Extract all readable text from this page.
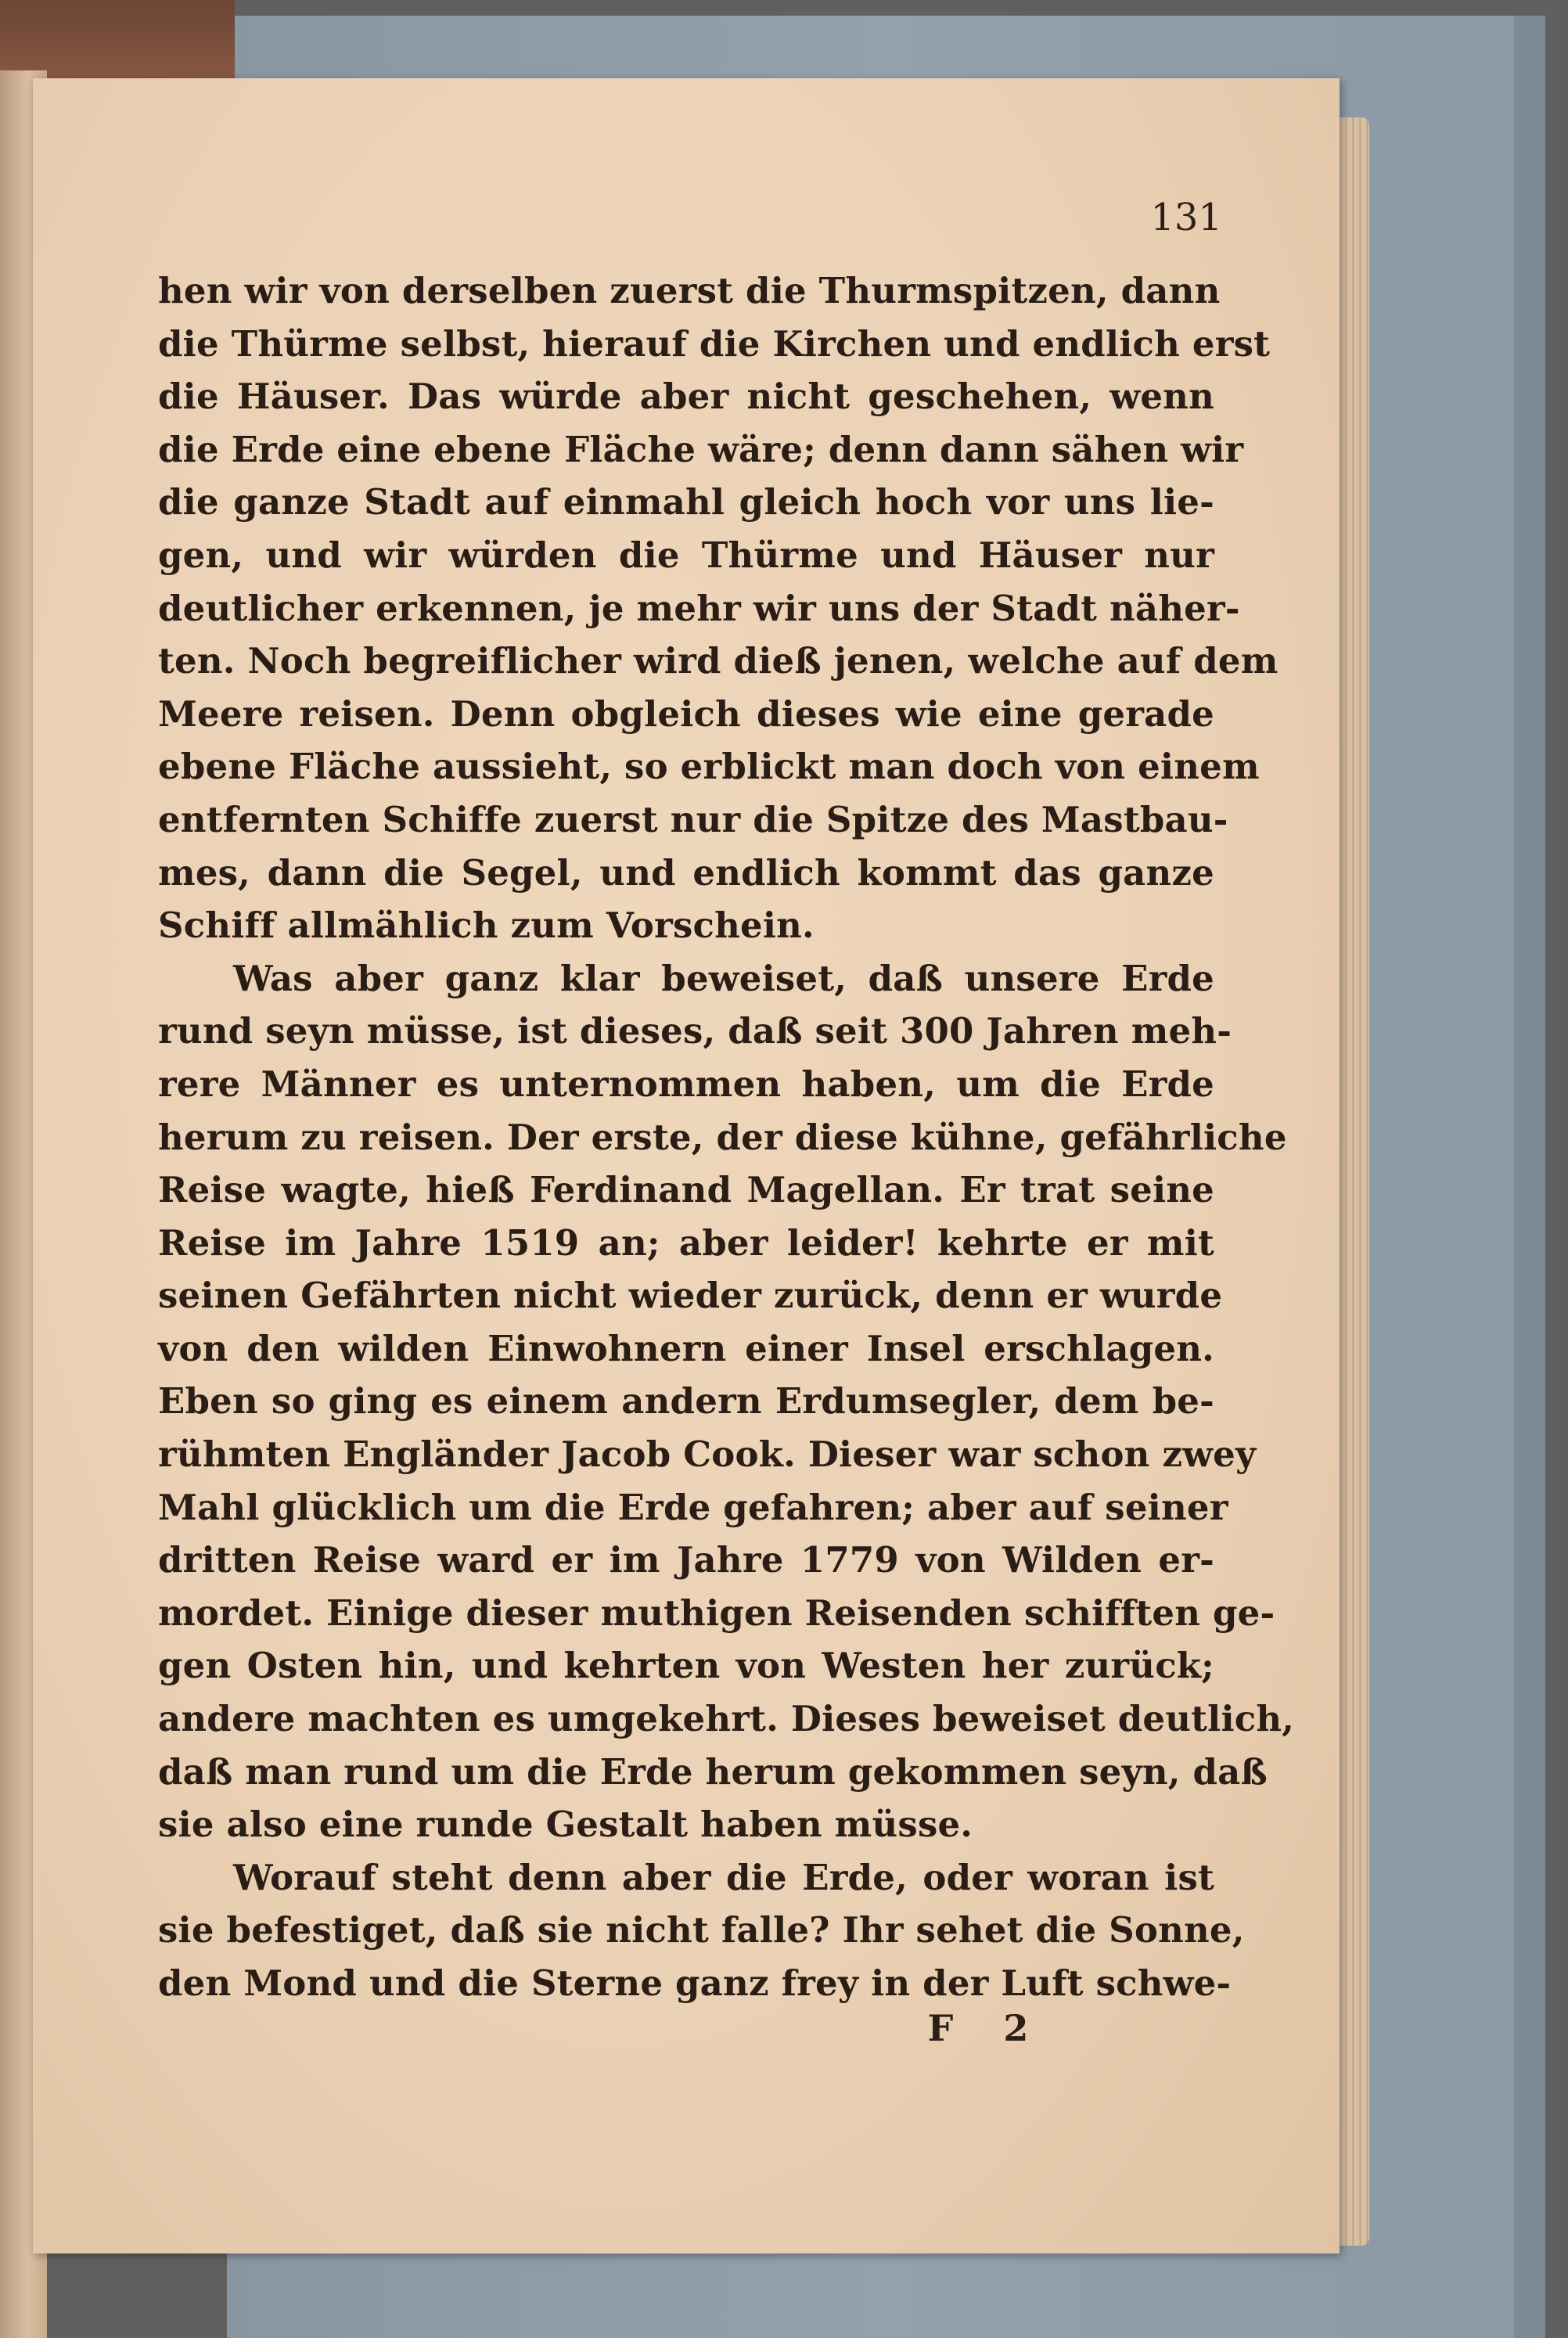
131

hen wir von derselben zuerst die Thurmspitzen, dann

die Thürme selbst, hierauf die Kirchen und endlich erst

die Häuser. Das würde aber nicht geschehen, wenn

die Erde eine ebene Fläche wäre; denn dann sähen wir

die ganze Stadt auf einmahl gleich hoch vor uns lie-

gen, und wir würden die Thürme und Häuser nur

deutlicher erkennen, je mehr wir uns der Stadt näher-

ten. Noch begreiflicher wird dieß jenen, welche auf dem

Meere reisen. Denn obgleich dieses wie eine gerade

ebene Fläche aussieht, so erblickt man doch von einem

entfernten Schiffe zuerst nur die Spitze des Mastbau-

mes, dann die Segel, und endlich kommt das ganze

Schiff allmählich zum Vorschein.

Was aber ganz klar beweiset, daß unsere Erde

rund seyn müsse, ist dieses, daß seit 300 Jahren meh-

rere Männer es unternommen haben, um die Erde

herum zu reisen. Der erste, der diese kühne, gefährliche

Reise wagte, hieß Ferdinand Magellan. Er trat seine

Reise im Jahre 1519 an; aber leider! kehrte er mit

seinen Gefährten nicht wieder zurück, denn er wurde

von den wilden Einwohnern einer Insel erschlagen.

Eben so ging es einem andern Erdumsegler, dem be-

rühmten Engländer Jacob Cook. Dieser war schon zwey

Mahl glücklich um die Erde gefahren; aber auf seiner

dritten Reise ward er im Jahre 1779 von Wilden er-

mordet. Einige dieser muthigen Reisenden schifften ge-

gen Osten hin, und kehrten von Westen her zurück;

andere machten es umgekehrt. Dieses beweiset deutlich,

daß man rund um die Erde herum gekommen seyn, daß

sie also eine runde Gestalt haben müsse.

Worauf steht denn aber die Erde, oder woran ist

sie befestiget, daß sie nicht falle? Ihr sehet die Sonne,

den Mond und die Sterne ganz frey in der Luft schwe-

F 2
